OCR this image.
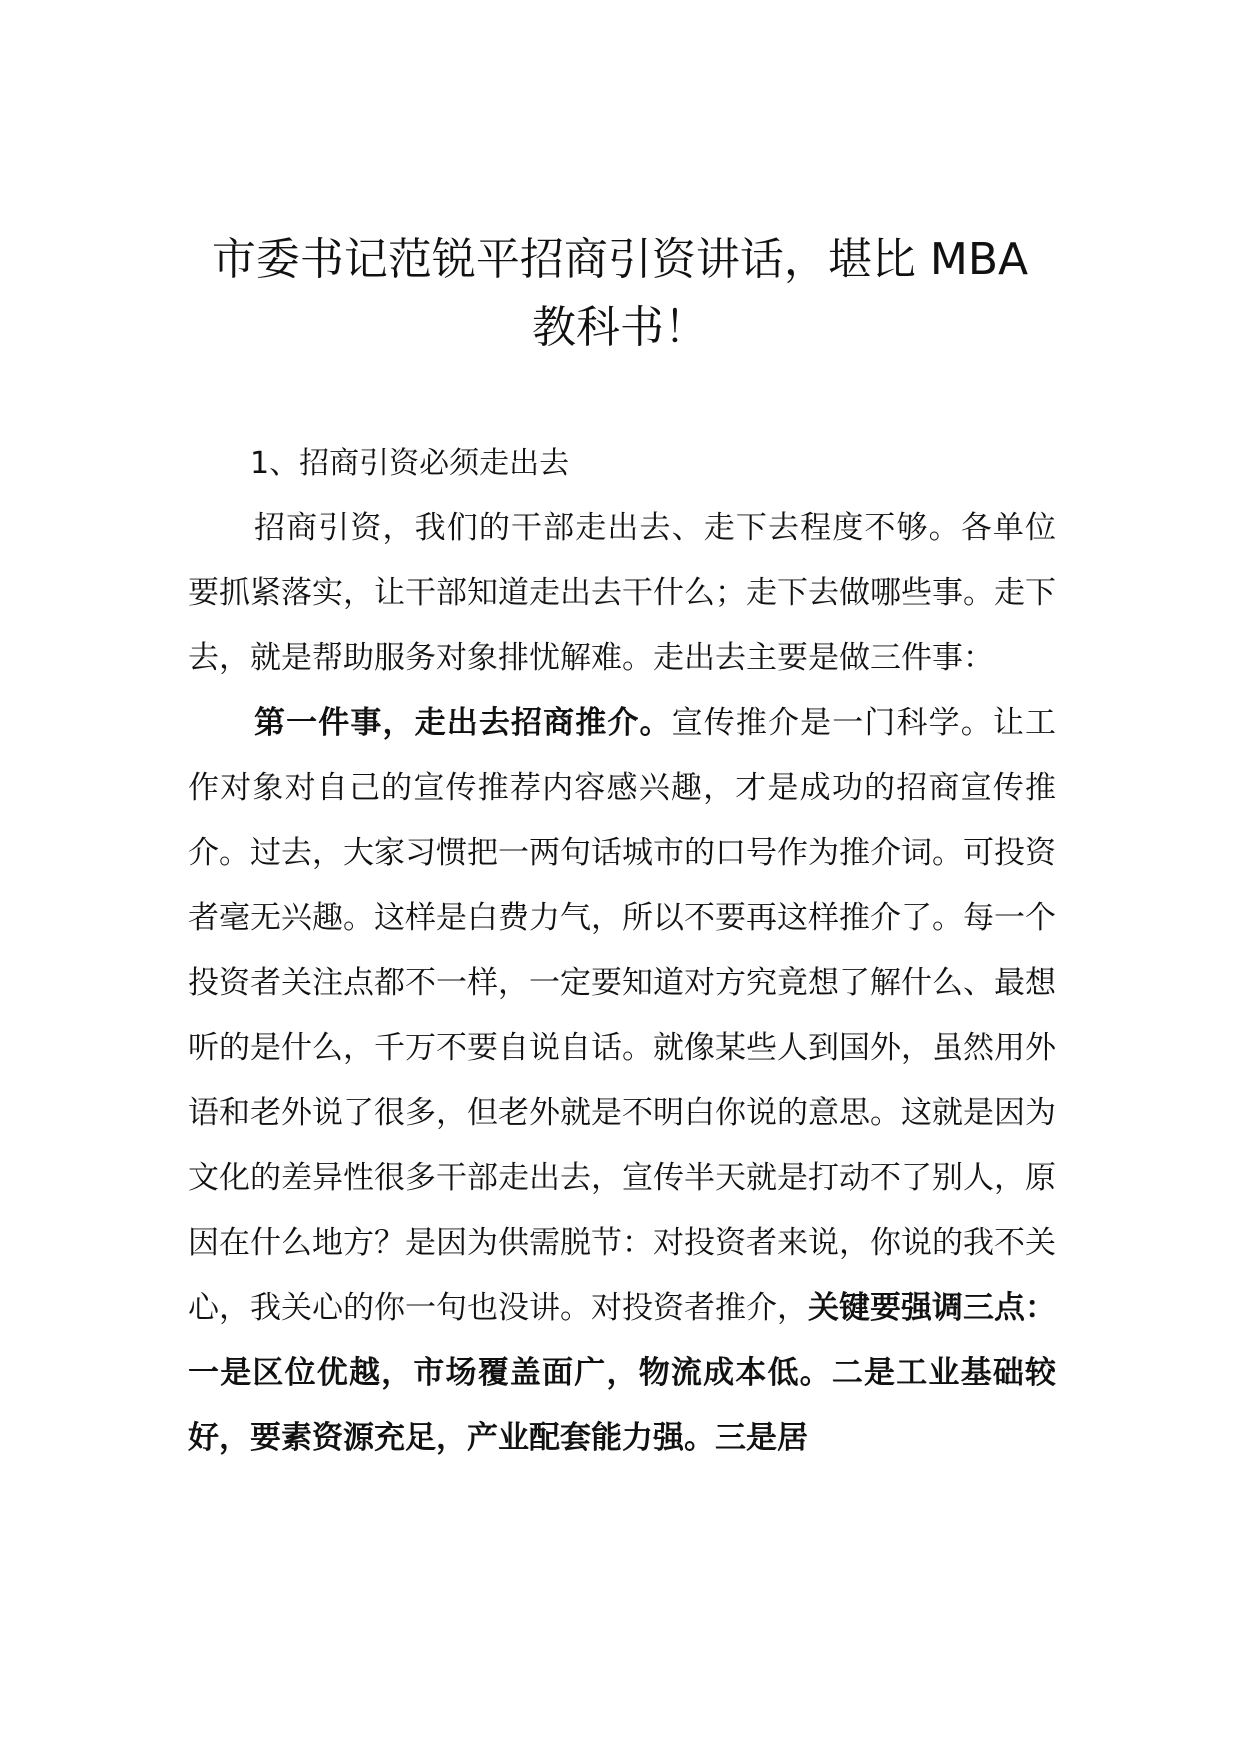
市委书记范锐平招商引资讲话，堪比 MBA
教科书！

1、招商引资必须走出去

招商引资，我们的干部走出去、走下去程度不够。各单位要抓紧落实，让干部知道走出去干什么；走下去做哪些事。走下去，就是帮助服务对象排忧解难。走出去主要是做三件事：

第一件事，走出去招商推介。宣传推介是一门科学。让工作对象对自己的宣传推荐内容感兴趣，才是成功的招商宣传推介。过去，大家习惯把一两句话城市的口号作为推介词。可投资者毫无兴趣。这样是白费力气，所以不要再这样推介了。每一个投资者关注点都不一样，一定要知道对方究竟想了解什么、最想听的是什么，千万不要自说自话。就像某些人到国外，虽然用外语和老外说了很多，但老外就是不明白你说的意思。这就是因为文化的差异性很多干部走出去，宣传半天就是打动不了别人，原因在什么地方？是因为供需脱节：对投资者来说，你说的我不关心，我关心的你一句也没讲。对投资者推介，关键要强调三点：一是区位优越，市场覆盖面广，物流成本低。二是工业基础较好，要素资源充足，产业配套能力强。三是居
